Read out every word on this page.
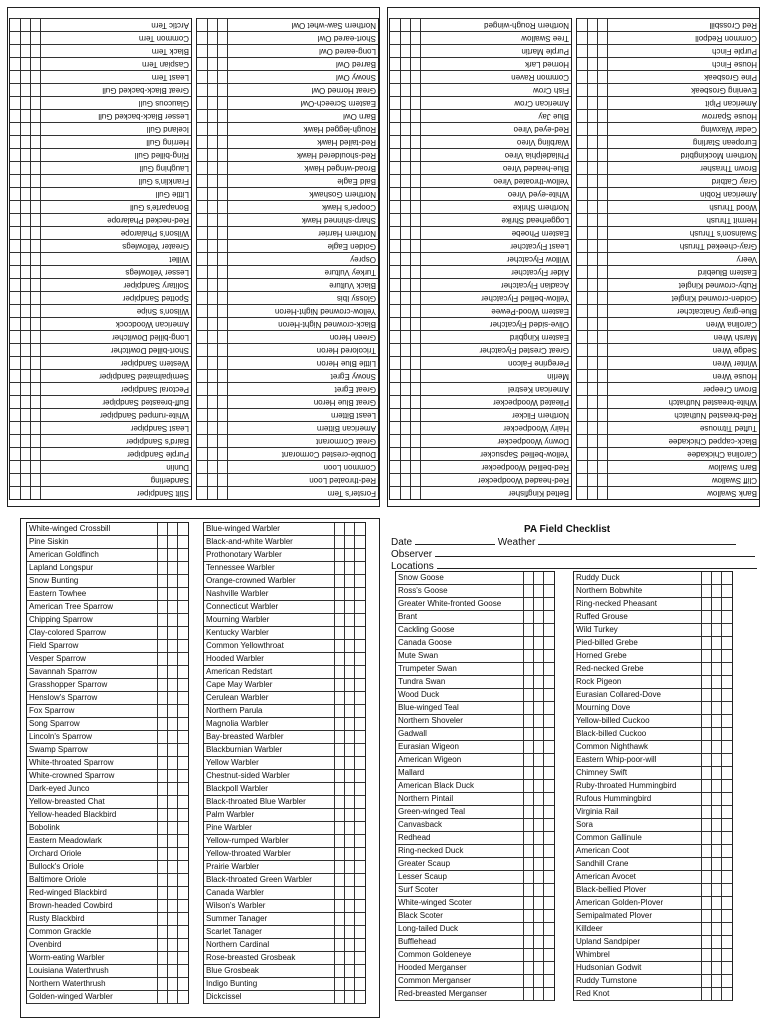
Bank Swallow
Cliff Swallow
Barn Swallow
Carolina Chickadee
Black-capped Chickadee
Tufted Titmouse
Red-breasted Nuthatch
White-breasted Nuthatch
Brown Creeper
House Wren
Winter Wren
Sedge Wren
Marsh Wren
Carolina Wren
Blue-gray Gnatcatcher
Golden-crowned Kinglet
Ruby-crowned Kinglet
Eastern Bluebird
Veery
Gray-cheeked Thrush
Swainson's Thrush
Hermit Thrush
Wood Thrush
American Robin
Gray Catbird
Brown Thrasher
Northern Mockingbird
European Starling
Cedar Waxwing
House Sparrow
American Pipit
Evening Grosbeak
Pine Grosbeak
House Finch
Purple Finch
Common Redpoll
Red Crossbill
Belted Kingfisher
Red-headed Woodpecker
Red-bellied Woodpecker
Yellow-bellied Sapsucker
Downy Woodpecker
Hairy Woodpecker
Northern Flicker
Pileated Woodpecker
American Kestrel
Merlin
Peregrine Falcon
Great Crested Flycatcher
Eastern Kingbird
Olive-sided Flycatcher
Eastern Wood-Pewee
Yellow-bellied Flycatcher
Acadian Flycatcher
Alder Flycatcher
Willow Flycatcher
Least Flycatcher
Eastern Phoebe
Loggerhead Shrike
Northern Shrike
White-eyed Vireo
Yellow-throated Vireo
Blue-headed Vireo
Philadelphia Vireo
Warbling Vireo
Red-eyed Vireo
Blue Jay
American Crow
Fish Crow
Common Raven
Horned Lark
Purple Martin
Tree Swallow
Northern Rough-winged
Forster's Tern
Red-throated Loon
Common Loon
Double-crested Cormorant
Great Cormorant
American Bittern
Least Bittern
Great Blue Heron
Great Egret
Snowy Egret
Little Blue Heron
Tricolored Heron
Green Heron
Black-crowned Night-Heron
Yellow-crowned Night-Heron
Glossy Ibis
Black Vulture
Turkey Vulture
Osprey
Golden Eagle
Northern Harrier
Sharp-shinned Hawk
Cooper's Hawk
Northern Goshawk
Bald Eagle
Broad-winged Hawk
Red-shouldered Hawk
Red-tailed Hawk
Rough-legged Hawk
Barn Owl
Eastern Screech-Owl
Great Horned Owl
Snowy Owl
Barred Owl
Long-eared Owl
Short-eared Owl
Northern Saw-whet Owl
Stilt Sandpiper
Sanderling
Dunlin
Purple Sandpiper
Baird's Sandpiper
Least Sandpiper
White-rumped Sandpiper
Buff-breasted Sandpiper
Pectoral Sandpiper
Semipalmated Sandpiper
Western Sandpiper
Short-billed Dowitcher
Long-billed Dowitcher
American Woodcock
Wilson's Snipe
Spotted Sandpiper
Solitary Sandpiper
Lesser Yellowlegs
Willet
Greater Yellowlegs
Wilson's Phalarope
Red-necked Phalarope
Bonaparte's Gull
Little Gull
Franklin's Gull
Laughing Gull
Ring-billed Gull
Herring Gull
Iceland Gull
Lesser Black-backed Gull
Glaucous Gull
Great Black-backed Gull
Least Tern
Caspian Tern
Black Tern
Common Tern
Arctic Tern
White-winged Crossbill
Pine Siskin
American Goldfinch
Lapland Longspur
Snow Bunting
Eastern Towhee
American Tree Sparrow
Chipping Sparrow
Clay-colored Sparrow
Field Sparrow
Vesper Sparrow
Savannah Sparrow
Grasshopper Sparrow
Henslow's Sparrow
Fox Sparrow
Song Sparrow
Lincoln's Sparrow
Swamp Sparrow
White-throated Sparrow
White-crowned Sparrow
Dark-eyed Junco
Yellow-breasted Chat
Yellow-headed Blackbird
Bobolink
Eastern Meadowlark
Orchard Oriole
Bullock's Oriole
Baltimore Oriole
Red-winged Blackbird
Brown-headed Cowbird
Rusty Blackbird
Common Grackle
Ovenbird
Worm-eating Warbler
Louisiana Waterthrush
Northern Waterthrush
Golden-winged Warbler
Blue-winged Warbler
Black-and-white Warbler
Prothonotary Warbler
Tennessee Warbler
Orange-crowned Warbler
Nashville Warbler
Connecticut Warbler
Mourning Warbler
Kentucky Warbler
Common Yellowthroat
Hooded Warbler
American Redstart
Cape May Warbler
Cerulean Warbler
Northern Parula
Magnolia Warbler
Bay-breasted Warbler
Blackburnian Warbler
Yellow Warbler
Chestnut-sided Warbler
Blackpoll Warbler
Black-throated Blue Warbler
Palm Warbler
Pine Warbler
Yellow-rumped Warbler
Yellow-throated Warbler
Prairie Warbler
Black-throated Green Warbler
Canada Warbler
Wilson's Warbler
Summer Tanager
Scarlet Tanager
Northern Cardinal
Rose-breasted Grosbeak
Blue Grosbeak
Indigo Bunting
Dickcissel
PA Field Checklist
Date	Weather
Observer
Locations
Snow Goose
Ross's Goose
Greater White-fronted Goose
Brant
Cackling Goose
Canada Goose
Mute Swan
Trumpeter Swan
Tundra Swan
Wood Duck
Blue-winged Teal
Northern Shoveler
Gadwall
Eurasian Wigeon
American Wigeon
Mallard
American Black Duck
Northern Pintail
Green-winged Teal
Canvasback
Redhead
Ring-necked Duck
Greater Scaup
Lesser Scaup
Surf Scoter
White-winged Scoter
Black Scoter
Long-tailed Duck
Bufflehead
Common Goldeneye
Hooded Merganser
Common Merganser
Red-breasted Merganser
Ruddy Duck
Northern Bobwhite
Ring-necked Pheasant
Ruffed Grouse
Wild Turkey
Pied-billed Grebe
Horned Grebe
Red-necked Grebe
Rock Pigeon
Eurasian Collared-Dove
Mourning Dove
Yellow-billed Cuckoo
Black-billed Cuckoo
Common Nighthawk
Eastern Whip-poor-will
Chimney Swift
Ruby-throated Hummingbird
Rufous Hummingbird
Virginia Rail
Sora
Common Gallinule
American Coot
Sandhill Crane
American Avocet
Black-bellied Plover
American Golden-Plover
Semipalmated Plover
Killdeer
Upland Sandpiper
Whimbrel
Hudsonian Godwit
Ruddy Turnstone
Red Knot
